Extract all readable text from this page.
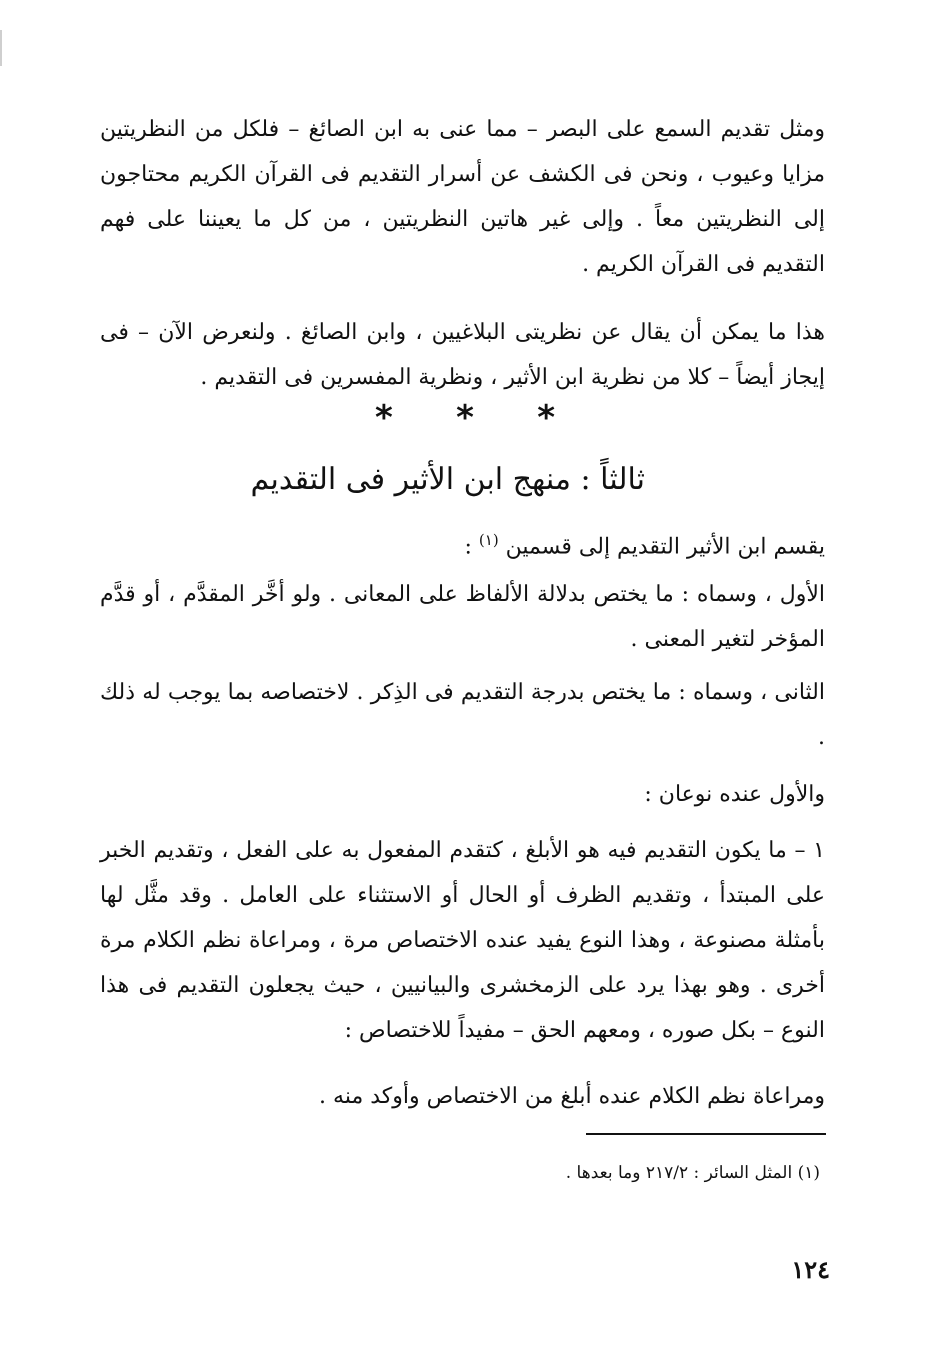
ومثل تقديم السمع على البصر – مما عنى به ابن الصائغ – فلكل من النظريتين مزايا وعيوب ، ونحن فى الكشف عن أسرار التقديم فى القرآن الكريم محتاجون إلى النظريتين معاً . وإلى غير هاتين النظريتين ، من كل ما يعيننا على فهم التقديم فى القرآن الكريم .

هذا ما يمكن أن يقال عن نظريتى البلاغيين ، وابن الصائغ . ولنعرض الآن – فى إيجاز أيضاً – كلا من نظرية ابن الأثير ، ونظرية المفسرين فى التقديم .

* * *
ثالثاً : منهج ابن الأثير فى التقديم

يقسم ابن الأثير التقديم إلى قسمين $^{(١)}$ :

الأول ، وسماه : ما يختص بدلالة الألفاظ على المعانى . ولو أخَّر المقدَّم ، أو قدَّم المؤخر لتغير المعنى .

الثانى ، وسماه : ما يختص بدرجة التقديم فى الذِكر . لاختصاصه بما يوجب له ذلك .

والأول عنده نوعان :

١ – ما يكون التقديم فيه هو الأبلغ ، كتقدم المفعول به على الفعل ، وتقديم الخبر على المبتدأ ، وتقديم الظرف أو الحال أو الاستثناء على العامل . وقد مثَّل لها بأمثلة مصنوعة ، وهذا النوع يفيد عنده الاختصاص مرة ، ومراعاة نظم الكلام مرة أخرى . وهو بهذا يرد على الزمخشرى والبيانيين ، حيث يجعلون التقديم فى هذا النوع – بكل صوره ، ومعهم الحق – مفيداً للاختصاص :

ومراعاة نظم الكلام عنده أبلغ من الاختصاص وأوكد منه .

(١) المثل السائر : ٢١٧/٢ وما بعدها .

١٢٤
